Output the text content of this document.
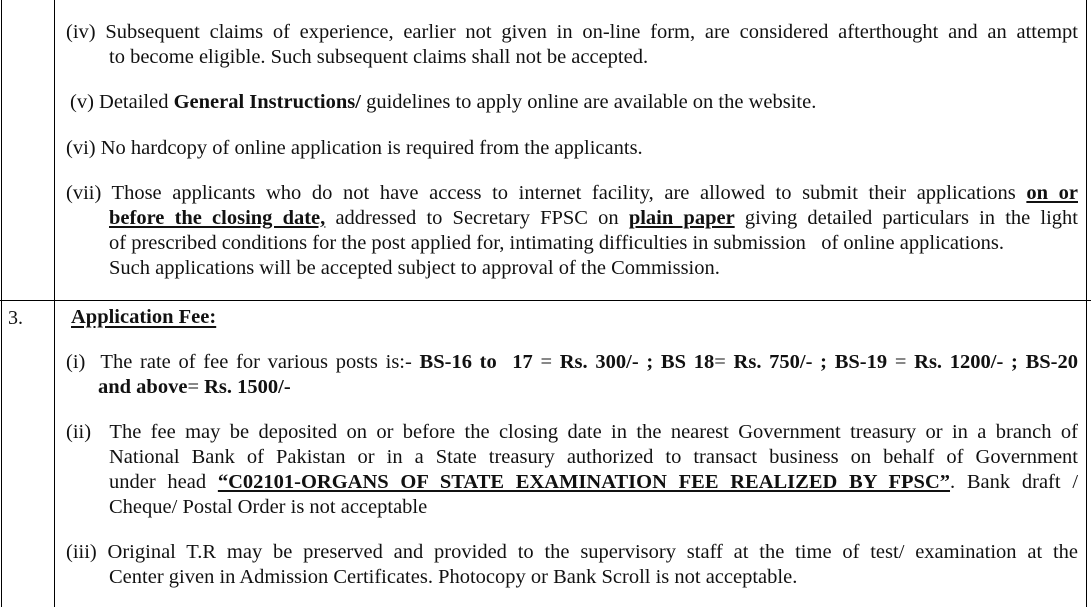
(iv) Subsequent claims of experience, earlier not given in on-line form, are considered afterthought and an attempt
to become eligible. Such subsequent claims shall not be accepted.
(v) Detailed General Instructions/ guidelines to apply online are available on the website.
(vi) No hardcopy of online application is required from the applicants.
(vii) Those applicants who do not have access to internet facility, are allowed to submit their applications on or
before the closing date, addressed to Secretary FPSC on plain paper giving detailed particulars in the light
of prescribed conditions for the post applied for, intimating difficulties in submission   of online applications.
Such applications will be accepted subject to approval of the Commission.
3. Application Fee:
(i)  The rate of fee for various posts is:- BS-16 to  17 = Rs. 300/- ; BS 18= Rs. 750/- ; BS-19 = Rs. 1200/- ; BS-20
and above= Rs. 1500/-
(ii)  The fee may be deposited on or before the closing date in the nearest Government treasury or in a branch of
National Bank of Pakistan or in a State treasury authorized to transact business on behalf of Government
under head “C02101-ORGANS OF STATE EXAMINATION FEE REALIZED BY FPSC”. Bank draft /
Cheque/ Postal Order is not acceptable
(iii) Original T.R may be preserved and provided to the supervisory staff at the time of test/ examination at the
Center given in Admission Certificates. Photocopy or Bank Scroll is not acceptable.
